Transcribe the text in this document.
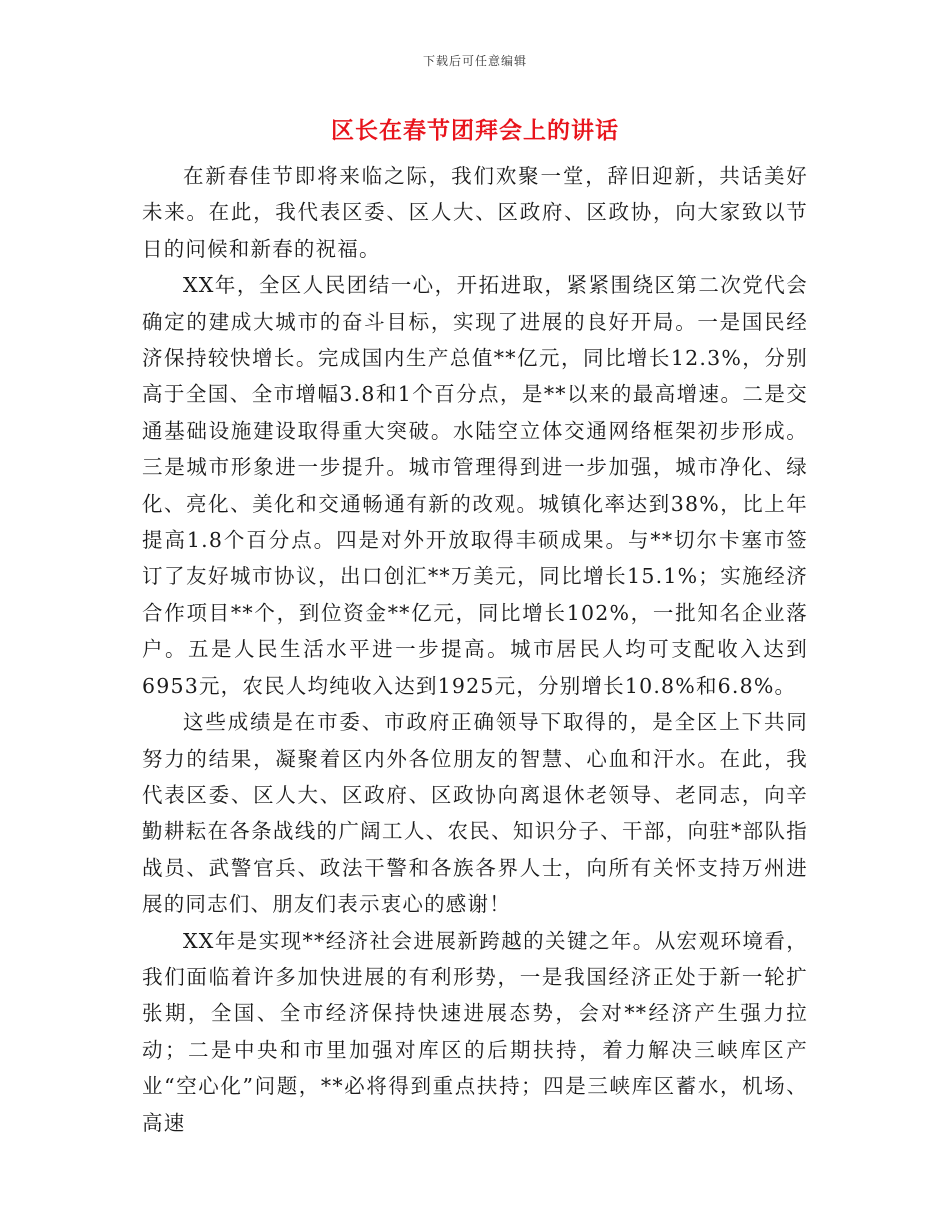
下载后可任意编辑
区长在春节团拜会上的讲话

在新春佳节即将来临之际，我们欢聚一堂，辞旧迎新，共话美好未来。在此，我代表区委、区人大、区政府、区政协，向大家致以节日的问候和新春的祝福。

XX年，全区人民团结一心，开拓进取，紧紧围绕区第二次党代会确定的建成大城市的奋斗目标，实现了进展的良好开局。一是国民经济保持较快增长。完成国内生产总值**亿元，同比增长12.3%，分别高于全国、全市增幅3.8和1个百分点，是**以来的最高增速。二是交通基础设施建设取得重大突破。水陆空立体交通网络框架初步形成。三是城市形象进一步提升。城市管理得到进一步加强，城市净化、绿化、亮化、美化和交通畅通有新的改观。城镇化率达到38%，比上年提高1.8个百分点。四是对外开放取得丰硕成果。与**切尔卡塞市签订了友好城市协议，出口创汇**万美元，同比增长15.1%；实施经济合作项目**个，到位资金**亿元，同比增长102%，一批知名企业落户。五是人民生活水平进一步提高。城市居民人均可支配收入达到6953元，农民人均纯收入达到1925元，分别增长10.8%和6.8%。

这些成绩是在市委、市政府正确领导下取得的，是全区上下共同努力的结果，凝聚着区内外各位朋友的智慧、心血和汗水。在此，我代表区委、区人大、区政府、区政协向离退休老领导、老同志，向辛勤耕耘在各条战线的广阔工人、农民、知识分子、干部，向驻*部队指战员、武警官兵、政法干警和各族各界人士，向所有关怀支持万州进展的同志们、朋友们表示衷心的感谢！

XX年是实现**经济社会进展新跨越的关键之年。从宏观环境看，我们面临着许多加快进展的有利形势，一是我国经济正处于新一轮扩张期，全国、全市经济保持快速进展态势，会对**经济产生强力拉动；二是中央和市里加强对库区的后期扶持，着力解决三峡库区产业“空心化”问题，**必将得到重点扶持；四是三峡库区蓄水，机场、高速
